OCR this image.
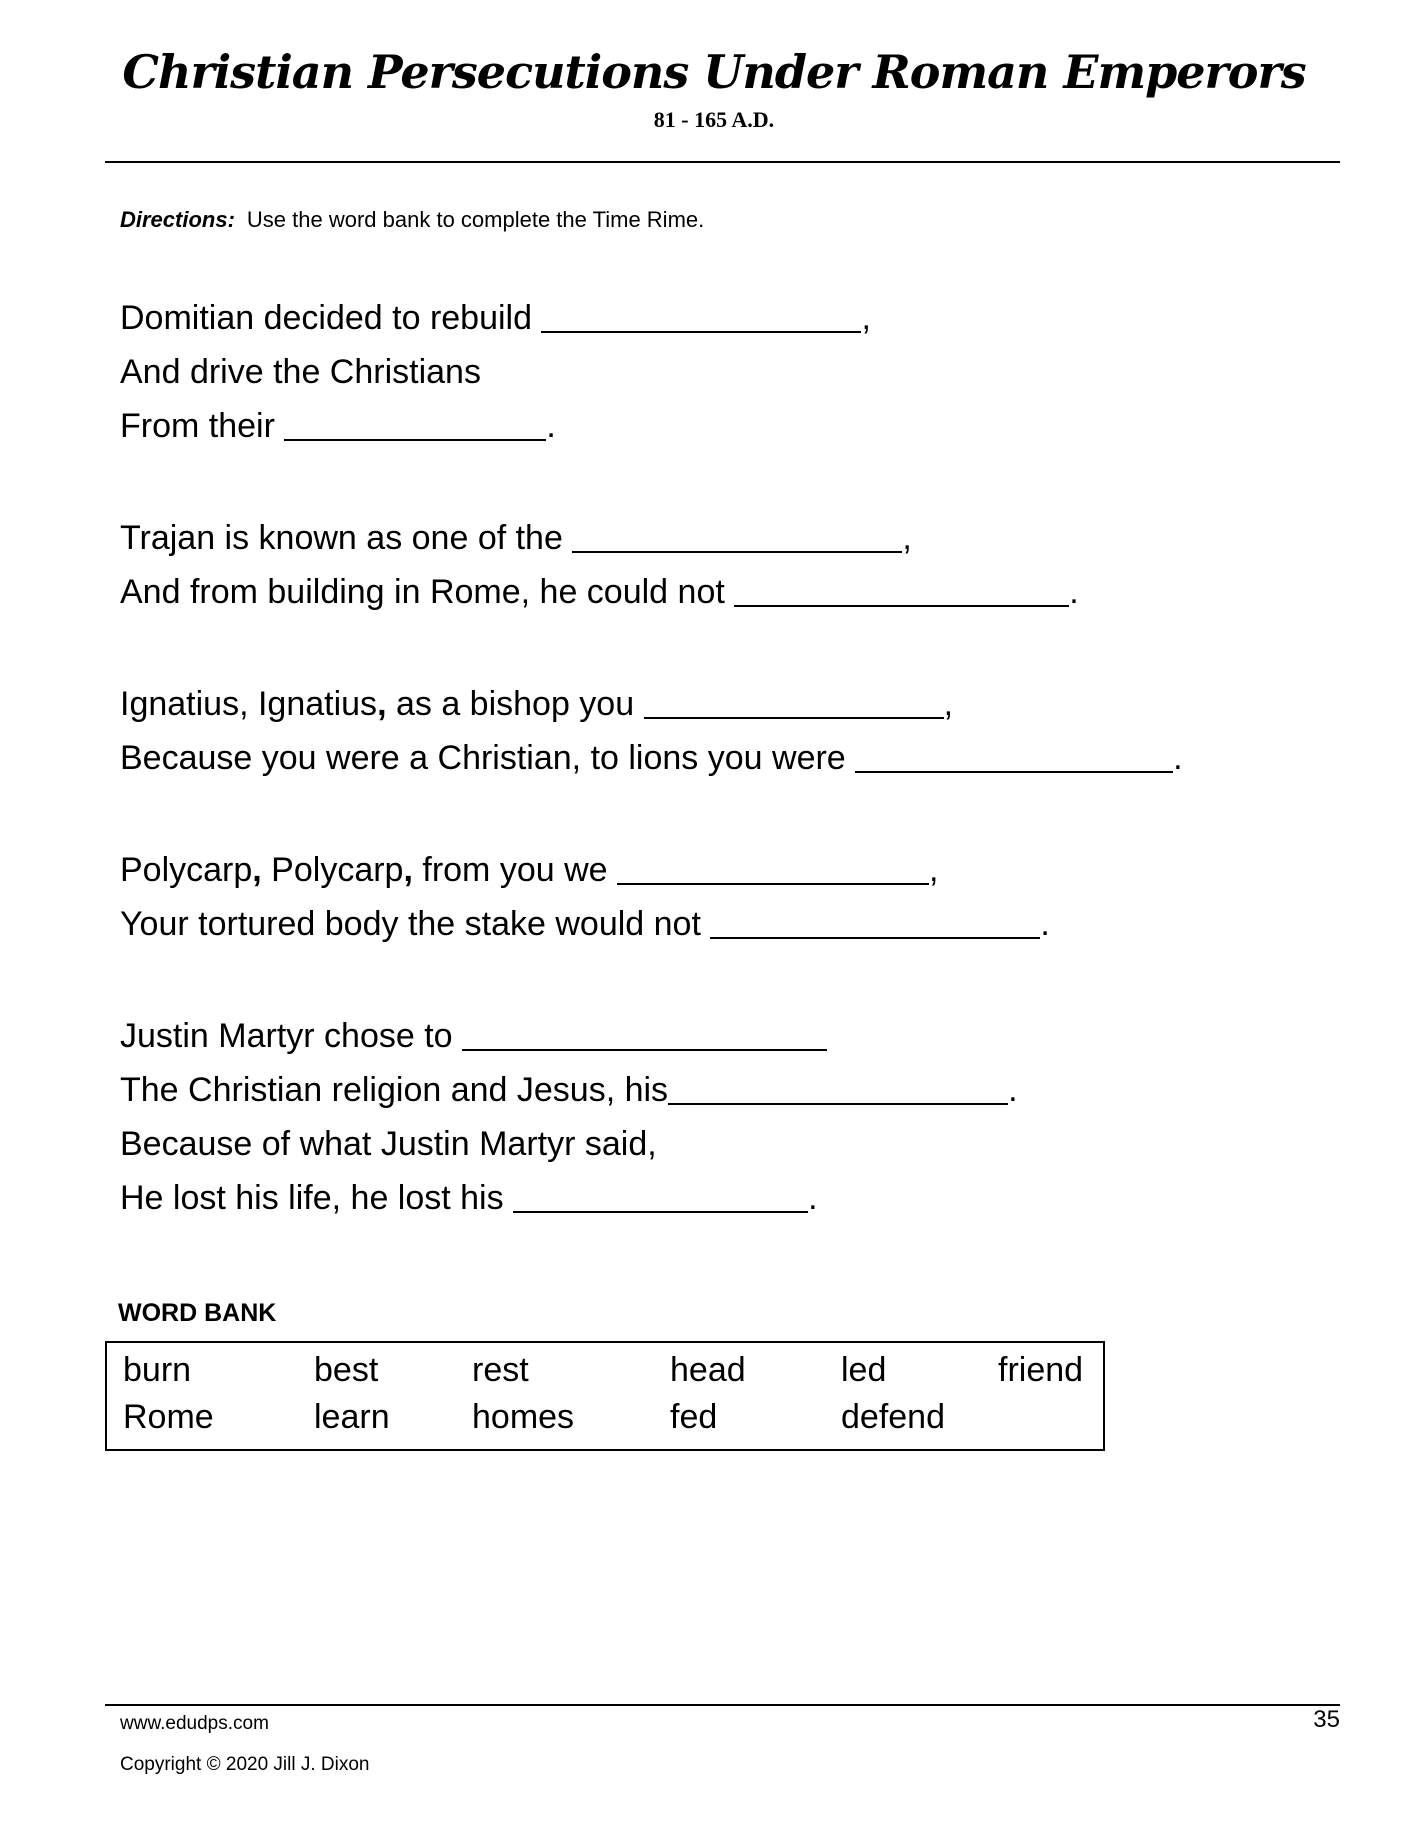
Christian Persecutions Under Roman Emperors
81 - 165 A.D.

Directions: Use the word bank to complete the Time Rime.

Domitian decided to rebuild	,

And drive the Christians

From their	.

Trajan is known as one of the	,

And from building in Rome, he could not	.

Ignatius, Ignatius, as a bishop you	,

Because you were a Christian, to lions you were	.

Polycarp, Polycarp, from you we	,

Your tortured body the stake would not	.

Justin Martyr chose to

The Christian religion and Jesus, his	.

Because of what Justin Martyr said,

He lost his life, he lost his	.

WORD BANK
burn	best	rest	head	led	friend
Rome	learn	homes	fed	defend
www.edudps.com
Copyright © 2020 Jill J. Dixon
35
